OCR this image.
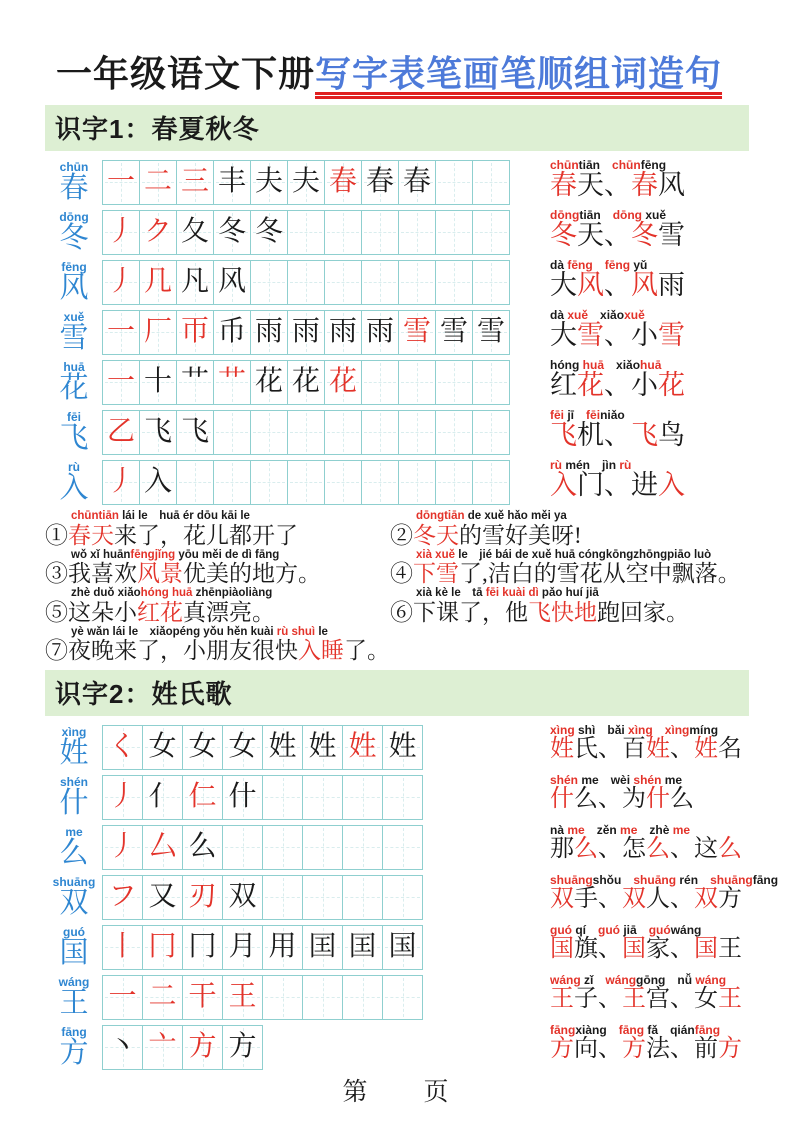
一年级语文下册写字表笔画笔顺组词造句
识字1：春夏秋冬
chūn
春 一 二 三 丰 夫 夫 春 春 春
chūntiān　 chūnfēng
春天、春风
dōng
冬 丿 ク 夂 冬 冬
dōngtiān　 dōng xuě
冬天、冬雪
fēng
风 丿 几 凡 风
dà fēng　 fēng yǔ
大风、风雨
xuě
雪 一 厂 帀 币 雨 雨 雨 雨 雪 雪 雪
dà xuě　 xiǎoxuě
大雪、小雪
huā
花 一 十 艹 艹 花 花 花
hóng huā　 xiǎohuā
红花、小花
fēi
飞 乙 飞 飞
fēi jī　 fēiniǎo
飞机、飞鸟
rù
入 丿 入
rù mén　 jìn rù
入门、进入
chūntiān lái le　huā ér dōu kāi le
①春天来了，花儿都开了
dōngtiān de xuě hǎo měi ya
②冬天的雪好美呀!
wǒ xǐ huānfēngjǐng yōu měi de dì fāng
③我喜欢风景优美的地方。
xià xuě le　jié bái de xuě huā cóngkōngzhōngpiāo luò
④下雪了,洁白的雪花从空中飘落。
zhè duǒ xiǎohóng huā zhēnpiàoliàng
⑤这朵小红花真漂亮。
xià kè le　tā fēi kuài dì pǎo huí jiā
⑥下课了，他飞快地跑回家。
yè wǎn lái le　xiǎopéng yǒu hěn kuài rù shuì le
⑦夜晚来了，小朋友很快入睡了。
识字2：姓氏歌
xìng
姓 く 女 女 女 姓 姓 姓 姓
xìng shì　 bǎi xìng　 xìngmíng
姓氏、百姓、姓名
shén
什 丿 亻 仁 什
shén me　 wèi shén me
什么、为什么
me
么 丿 厶 么
nà me　 zěn me　 zhè me
那么、怎么、这么
shuāng
双 フ 又 刃 双
shuāngshǒu　 shuāng rén　 shuāngfāng
双手、双人、双方
guó
国 丨 冂 冂 月 用 囯 囯 国
guó qí　 guó jiā　 guówáng
国旗、国家、国王
wáng
王 一 二 干 王
wáng zǐ　 wánggōng　 nǚ wáng
王子、王宫、女王
fāng
方 丶 亠 方 方
fāngxiàng　 fāng fǎ　 qiánfāng
方向、方法、前方
第　　页
